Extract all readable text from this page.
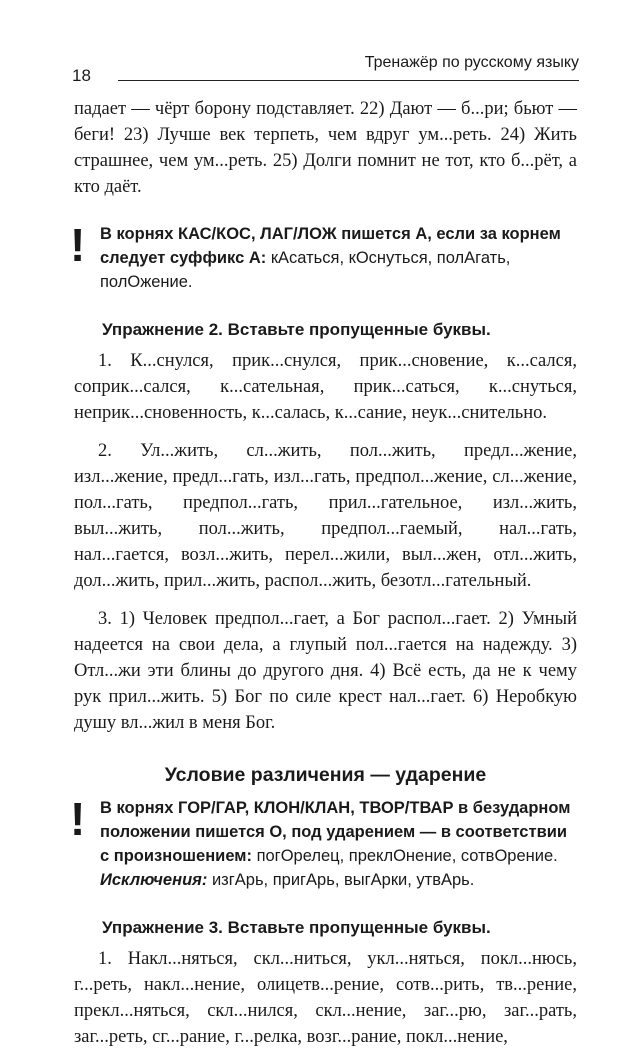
18
Тренажёр по русскому языку

падает — чёрт борону подставляет. 22) Дают — б...ри; бьют — беги! 23) Лучше век терпеть, чем вдруг ум...реть. 24) Жить страшнее, чем ум...реть. 25) Долги помнит не тот, кто б...рёт, а кто даёт.

! В корнях КАС/КОС, ЛАГ/ЛОЖ пишется А, если за корнем следует суффикс А: кАсаться, кОснуться, полАгать, полОжение.
Упражнение 2. Вставьте пропущенные буквы.

1. К...снулся, прик...снулся, прик...сновение, к...сался, соприк...сался, к...сательная, прик...саться, к...снуться, неприк...сновенность, к...салась, к...сание, неук...снительно.

2. Ул...жить, сл...жить, пол...жить, предл...жение, изл...жение, предл...гать, изл...гать, предпол...жение, сл...жение, пол...гать, предпол...гать, прил...гательное, изл...жить, выл...жить, пол...жить, предпол...гаемый, нал...гать, нал...гается, возл...жить, перел...жили, выл...жен, отл...жить, дол...жить, прил...жить, распол...жить, безотл...гательный.

3. 1) Человек предпол...гает, а Бог распол...гает. 2) Умный надеется на свои дела, а глупый пол...гается на надежду. 3) Отл...жи эти блины до другого дня. 4) Всё есть, да не к чему рук прил...жить. 5) Бог по силе крест нал...гает. 6) Неробкую душу вл...жил в меня Бог.

Условие различения — ударение
! В корнях ГОР/ГАР, КЛОН/КЛАН, ТВОР/ТВАР в безударном положении пишется О, под ударением — в соответствии с произношением: погОрелец, преклОнение, сотвОрение.
Исключения: изгАрь, пригАрь, выгАрки, утвАрь.
Упражнение 3. Вставьте пропущенные буквы.

1. Накл...няться, скл...ниться, укл...няться, покл...нюсь, г...реть, накл...нение, олицетв...рение, сотв...рить, тв...рение, прекл...няться, скл...нился, скл...нение, заг...рю, заг...рать, заг...реть, сг...рание, г...релка, возг...рание, покл...нение,
